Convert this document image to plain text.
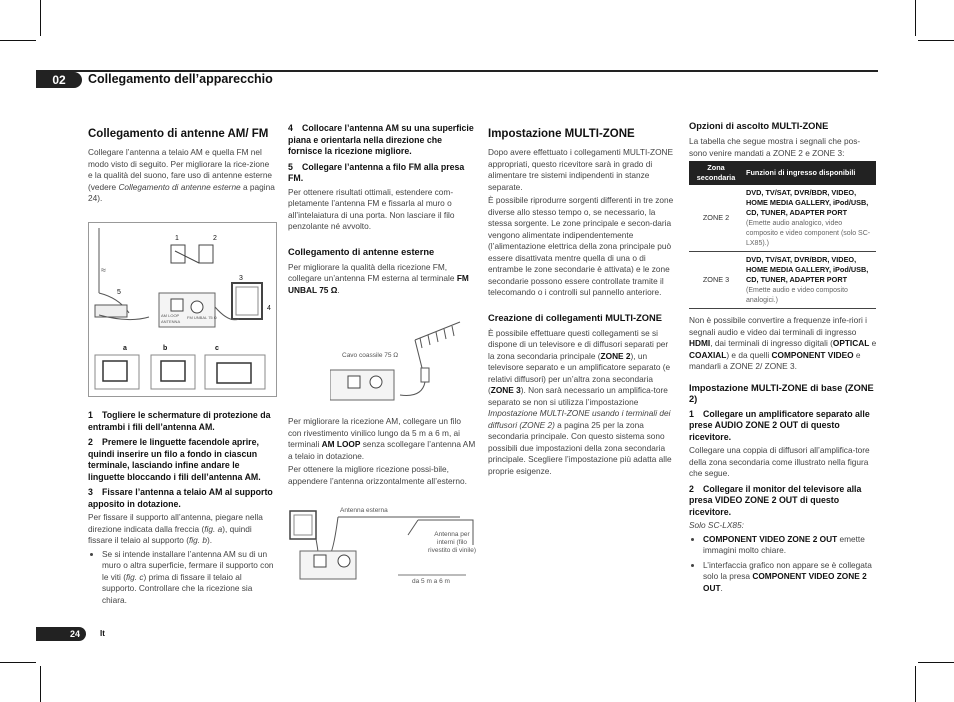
02	Collegamento dell’apparecchio
Collegamento di antenne AM/ FM

Collegare l’antenna a telaio AM e quella FM nel modo visto di seguito. Per migliorare la rice-zione e la qualità del suono, fare uso di antenne esterne (vedere Collegamento di antenne esterne a pagina 24).

≈
1	2
3
4
5
a	b	c
AM LOOP
ANTENNA
FM UNBAL 75 Ω
1 Togliere le schermature di protezione da entrambi i fili dell’antenna AM.
2 Premere le linguette facendole aprire, quindi inserire un filo a fondo in ciascun terminale, lasciando infine andare le linguette bloccando i fili dell’antenna AM.
3 Fissare l’antenna a telaio AM al supporto apposito in dotazione.

Per fissare il supporto all’antenna, piegare nella direzione indicata dalla freccia (fig. a), quindi fissare il telaio al supporto (fig. b).

• Se si intende installare l’antenna AM su di un muro o altra superficie, fermare il supporto con le viti (fig. c) prima di fissare il telaio al supporto. Controllare che la ricezione sia chiara.
4 Collocare l’antenna AM su una superficie piana e orientarla nella direzione che fornisce la ricezione migliore.
5 Collegare l’antenna a filo FM alla presa FM.

Per ottenere risultati ottimali, estendere com-pletamente l’antenna FM e fissarla al muro o all’intelaiatura di una porta. Non lasciare il filo penzolante né avvolto.

Collegamento di antenne esterne

Per migliorare la qualità della ricezione FM, collegare un’antenna FM esterna al terminale FM UNBAL 75 Ω.

Cavo coassile 75 Ω

Per migliorare la ricezione AM, collegare un filo con rivestimento vinilico lungo da 5 m a 6 m, ai terminali AM LOOP senza scollegare l’antenna AM a telaio in dotazione.

Per ottenere la migliore ricezione possi-bile, appendere l’antenna orizzontalmente all’esterno.

Antenna esterna
Antenna per interni (filo rivestito di vinile)
da 5 m a 6 m
Impostazione MULTI-ZONE

Dopo avere effettuato i collegamenti MULTI-ZONE appropriati, questo ricevitore sarà in grado di alimentare tre sistemi indipendenti in stanze separate.

È possibile riprodurre sorgenti differenti in tre zone diverse allo stesso tempo o, se necessario, la stessa sorgente. Le zone principale e secon-daria vengono alimentate indipendentemente (l’alimentazione elettrica della zona principale può essere disattivata mentre quella di una o di entrambe le zone secondarie è attivata) e le zone secondarie possono essere controllate tramite il telecomando o i controlli sul pannello anteriore.

Creazione di collegamenti MULTI-ZONE

È possibile effettuare questi collegamenti se si dispone di un televisore e di diffusori separati per la zona secondaria principale (ZONE 2), un televisore separato e un amplificatore separato (e relativi diffusori) per un’altra zona secondaria (ZONE 3). Non sarà necessario un amplifica-tore separato se non si utilizza l’impostazione Impostazione MULTI-ZONE usando i terminali dei diffusori (ZONE 2) a pagina 25 per la zona secondaria principale. Con questo sistema sono possibili due impostazioni della zona secondaria principale. Scegliere l’impostazione più adatta alle proprie esigenze.

Opzioni di ascolto MULTI-ZONE

La tabella che segue mostra i segnali che pos-sono venire mandati a ZONE 2 e ZONE 3:

Zona secondaria	Funzioni di ingresso disponibili
ZONE 2	DVD, TV/SAT, DVR/BDR, VIDEO, HOME MEDIA GALLERY, iPod/USB, CD, TUNER, ADAPTER PORT
(Emette audio analogico, video composito e video component (solo SC-LX85).)
ZONE 3	DVD, TV/SAT, DVR/BDR, VIDEO, HOME MEDIA GALLERY, iPod/USB, CD, TUNER, ADAPTER PORT
(Emette audio e video composito analogici.)

Non è possibile convertire a frequenze infe-riori i segnali audio e video dai terminali di ingresso HDMI, dai terminali di ingresso digitali (OPTICAL e COAXIAL) e da quelli COMPONENT VIDEO e mandarli a ZONE 2/ ZONE 3.

Impostazione MULTI-ZONE di base (ZONE 2)
1 Collegare un amplificatore separato alle prese AUDIO ZONE 2 OUT di questo ricevitore.

Collegare una coppia di diffusori all’amplifica-tore della zona secondaria come illustrato nella figura che segue.

2 Collegare il monitor del televisore alla presa VIDEO ZONE 2 OUT di questo ricevitore.

Solo SC-LX85:

• COMPONENT VIDEO ZONE 2 OUT emette immagini molto chiare.
• L’interfaccia grafico non appare se è collegata solo la presa COMPONENT VIDEO ZONE 2 OUT.
24	It
